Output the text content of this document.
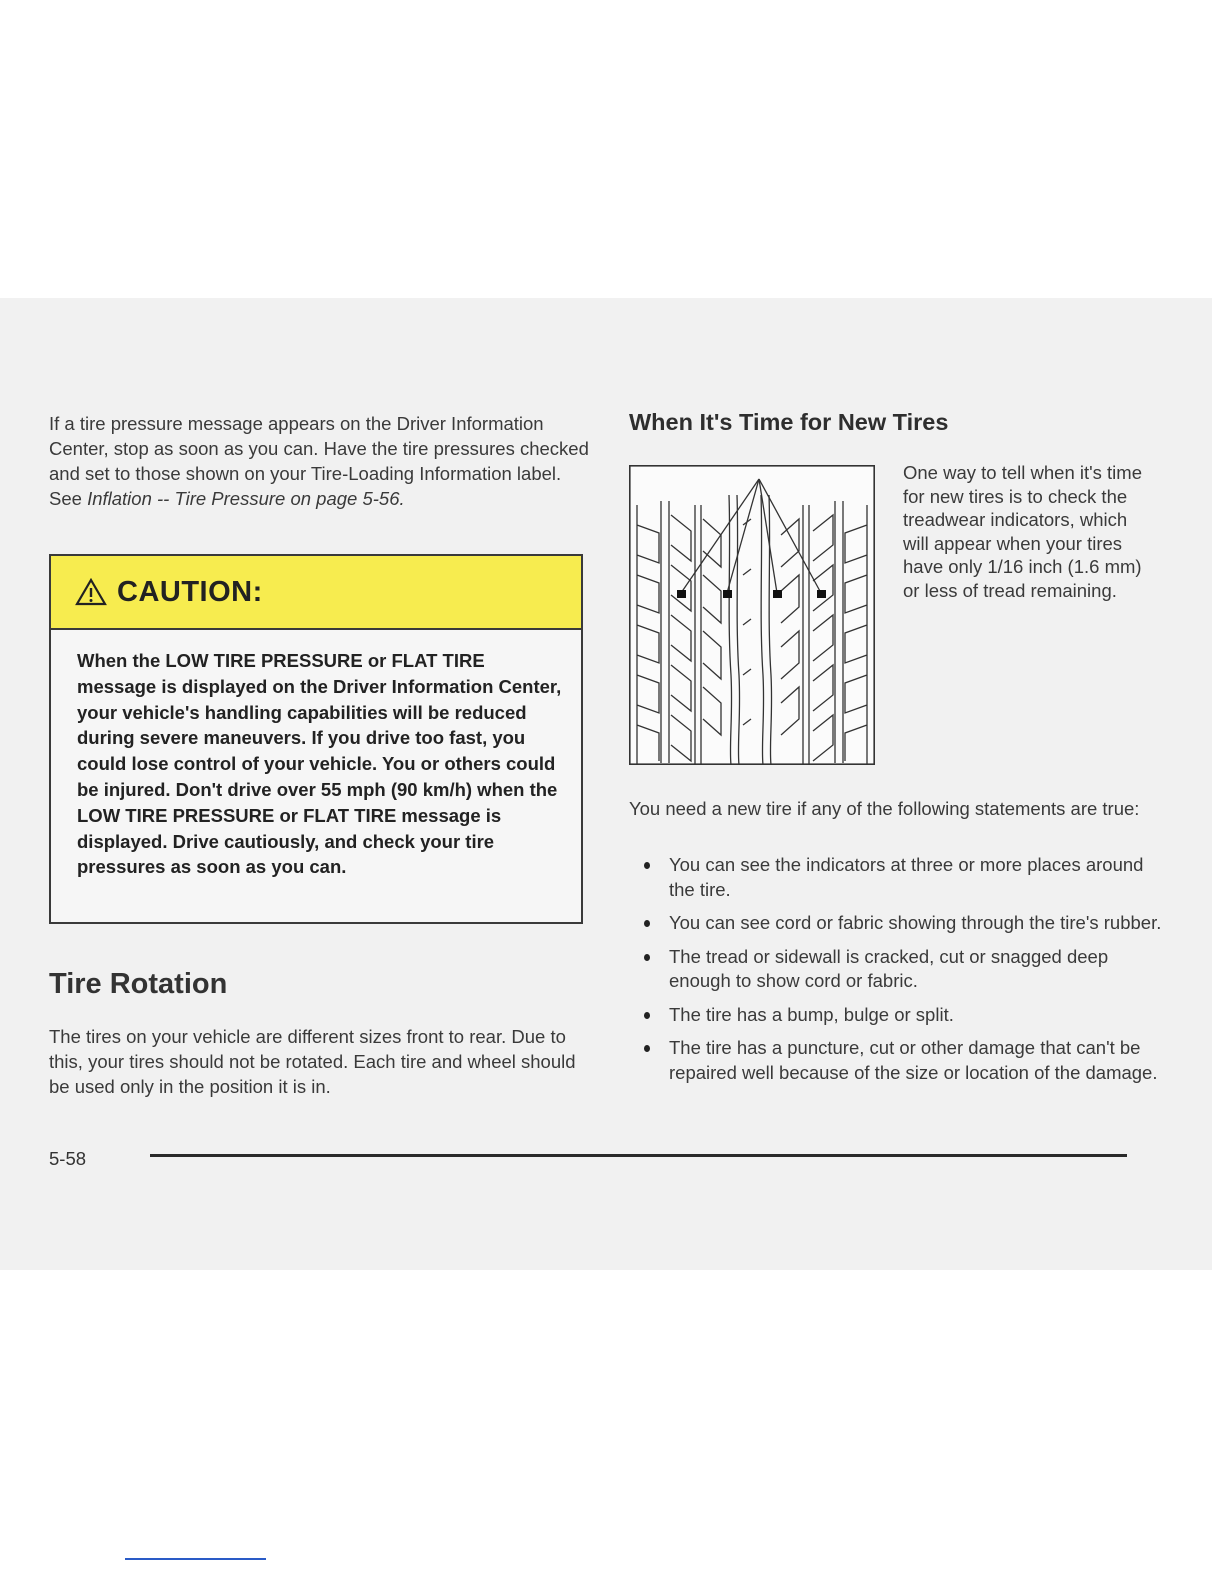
If a tire pressure message appears on the Driver Information Center, stop as soon as you can. Have the tire pressures checked and set to those shown on your Tire-Loading Information label. See Inflation -- Tire Pressure on page 5-56.

CAUTION:
When the LOW TIRE PRESSURE or FLAT TIRE message is displayed on the Driver Information Center, your vehicle's handling capabilities will be reduced during severe maneuvers. If you drive too fast, you could lose control of your vehicle. You or others could be injured. Don't drive over 55 mph (90 km/h) when the LOW TIRE PRESSURE or FLAT TIRE message is displayed. Drive cautiously, and check your tire pressures as soon as you can.
Tire Rotation

The tires on your vehicle are different sizes front to rear. Due to this, your tires should not be rotated. Each tire and wheel should be used only in the position it is in.

When It's Time for New Tires

One way to tell when it's time for new tires is to check the treadwear indicators, which will appear when your tires have only 1/16 inch (1.6 mm) or less of tread remaining.

You need a new tire if any of the following statements are true:

You can see the indicators at three or more places around the tire.
You can see cord or fabric showing through the tire's rubber.
The tread or sidewall is cracked, cut or snagged deep enough to show cord or fabric.
The tire has a bump, bulge or split.
The tire has a puncture, cut or other damage that can't be repaired well because of the size or location of the damage.
5-58
